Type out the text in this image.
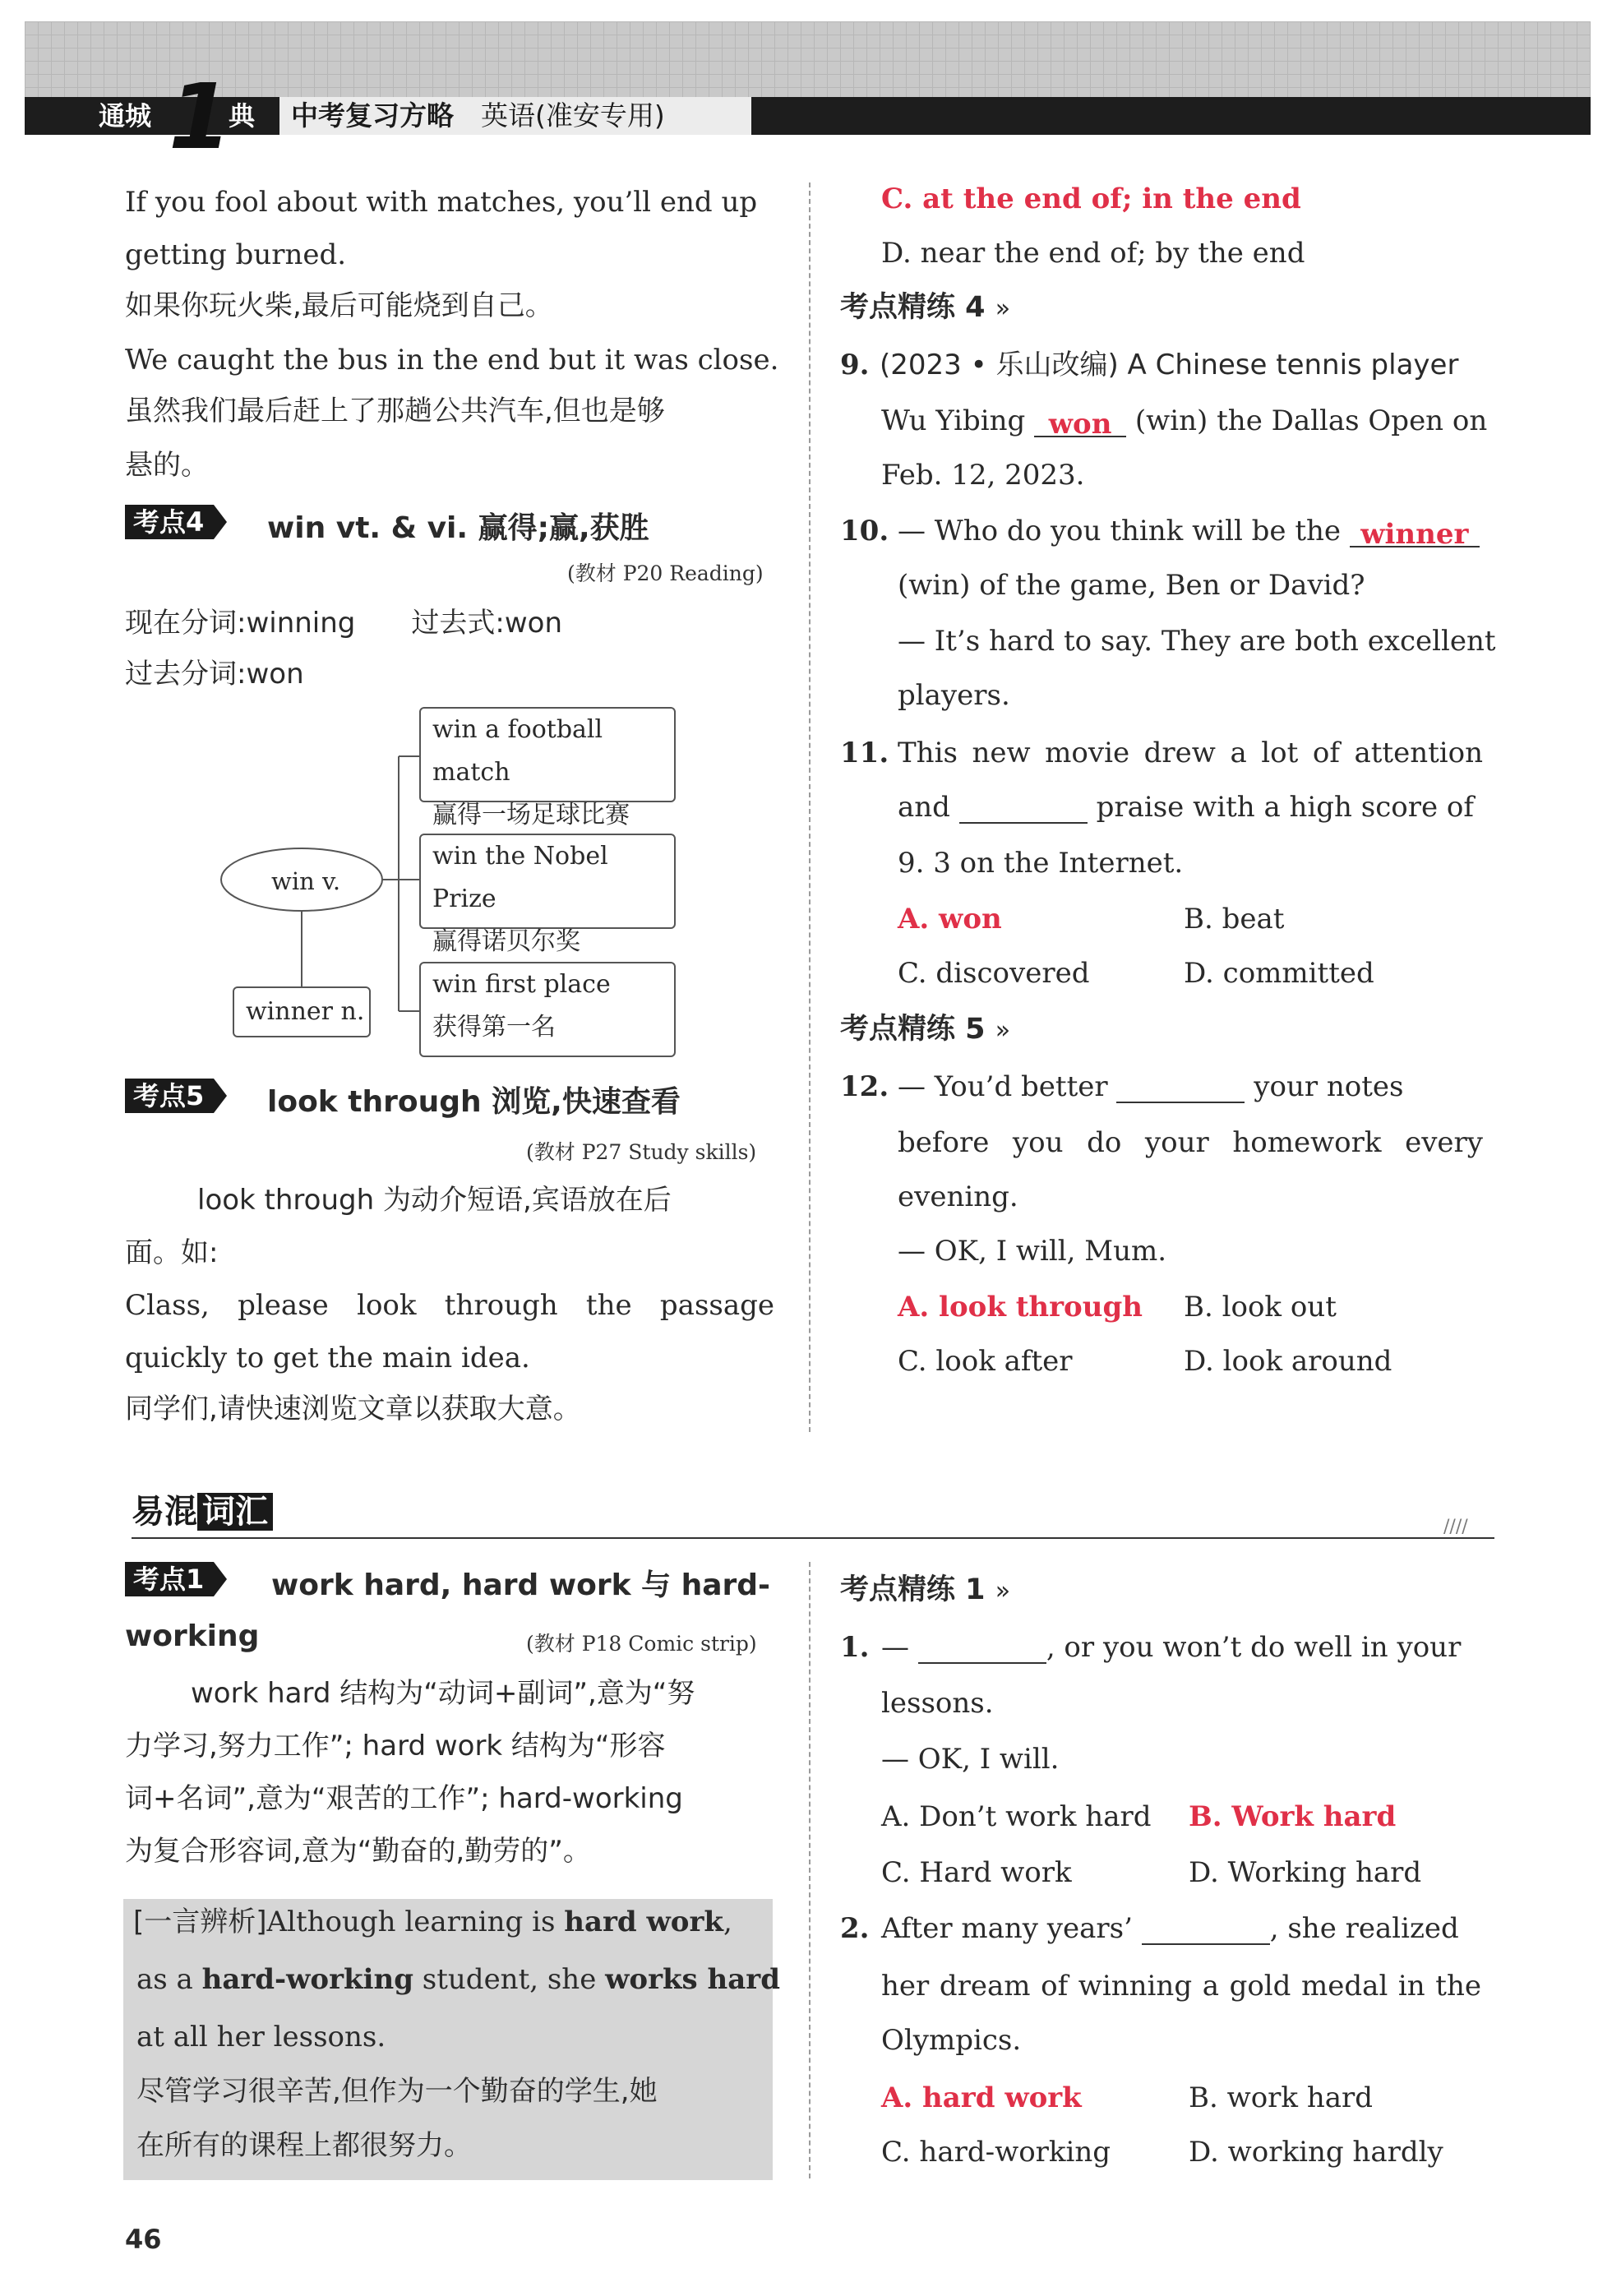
通城 1
典	中考复习方略　 英语(准安专用)
If you fool about with matches, you’ll end up
getting burned.
如果你玩火柴,最后可能烧到自己。
We caught the bus in the end but it was close.
虽然我们最后赶上了那趟公共汽车,但也是够
悬的。
考点4	win vt. & vi. 赢得;赢,获胜
(教材 P20 Reading)
现在分词:winning　　过去式:won
过去分词:won
win v.
winner n.
win a football match
赢得一场足球比赛
win the Nobel Prize
赢得诺贝尔奖
win first place
获得第一名
考点5	look through 浏览,快速查看
(教材 P27 Study skills)
look through 为动介短语,宾语放在后
面。如:
Class, please look through the passage
quickly to get the main idea.
同学们,请快速浏览文章以获取大意。
C. at the end of; in the end
D. near the end of; by the end
考点精练 4 »
9. (2023 • 乐山改编) A Chinese tennis player
Wu Yibing won (win) the Dallas Open on
Feb. 12, 2023.
10. — Who do you think will be the winner
(win) of the game, Ben or David?
— It’s hard to say. They are both excellent
players.
11. This new movie drew a lot of attention
and	praise with a high score of
9. 3 on the Internet.
A. won	B. beat
C. discovered	D. committed
考点精练 5 »
12. — You’d better	your notes
before you do your homework every
evening.
— OK, I will, Mum.
A. look through B. look out
C. look after	D. look around
易混 词汇	////
考点1	work hard, hard work 与 hard-
working	(教材 P18 Comic strip)
work hard 结构为“动词+副词”,意为“努
力学习,努力工作”; hard work 结构为“形容
词+名词”,意为“艰苦的工作”; hard-working
为复合形容词,意为“勤奋的,勤劳的”。
[一言辨析]Although learning is hard work,
as a hard-working student, she works hard
at all her lessons.
尽管学习很辛苦,但作为一个勤奋的学生,她
在所有的课程上都很努力。
考点精练 1 »
1. —	, or you won’t do well in your
lessons.
— OK, I will.
A. Don’t work hard B. Work hard
C. Hard work	D. Working hard
2. After many years’	, she realized
her dream of winning a gold medal in the
Olympics.
A. hard work	B. work hard
C. hard-working	D. working hardly
46
